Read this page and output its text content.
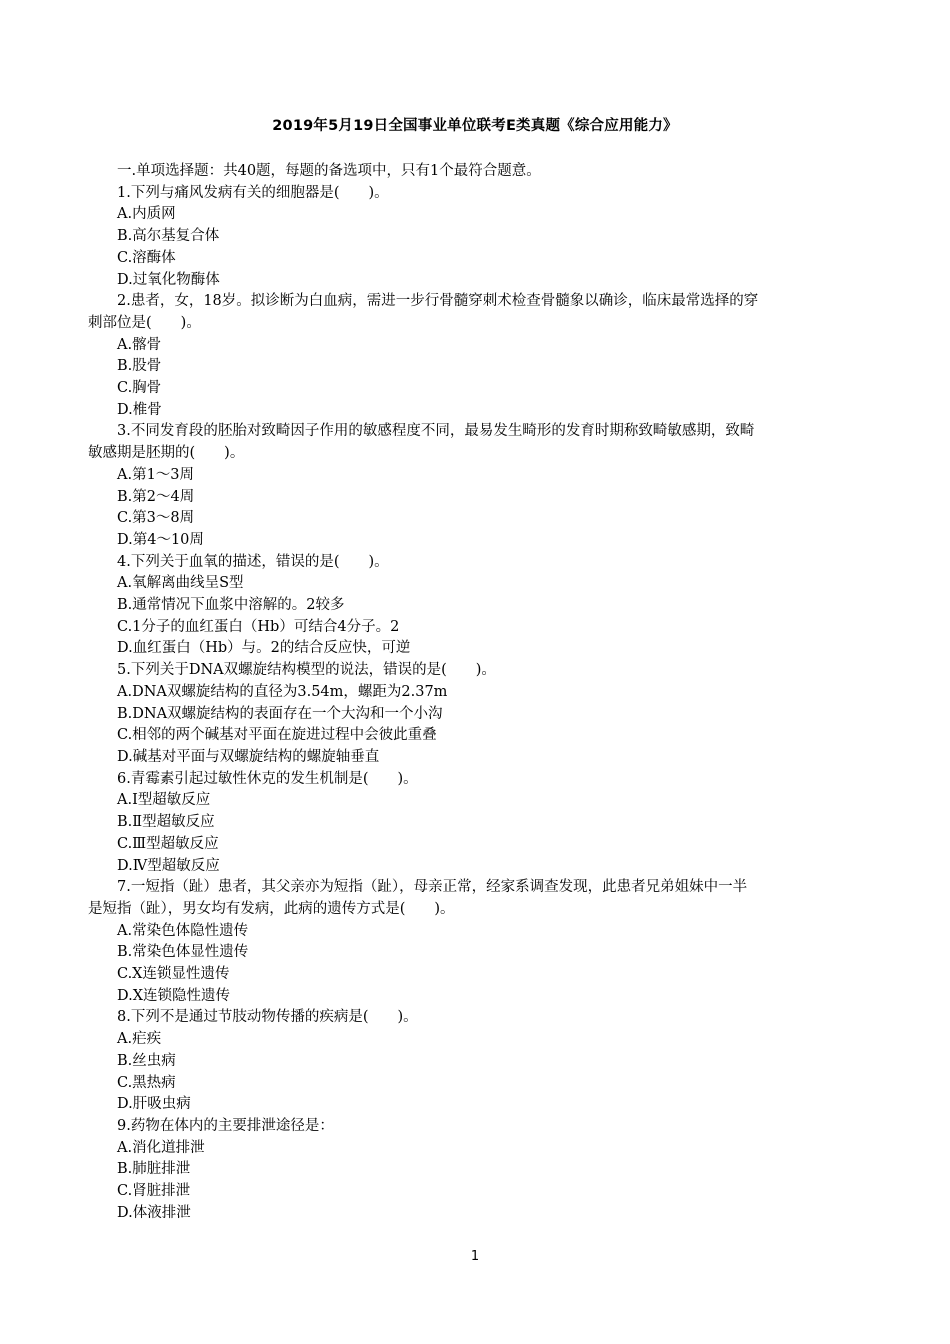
2019年5月19日全国事业单位联考E类真题《综合应用能力》
一.单项选择题：共40题，每题的备选项中，只有1个最符合题意。
1.下列与痛风发病有关的细胞器是(　　)。
A.内质网
B.高尔基复合体
C.溶酶体
D.过氧化物酶体
2.患者，女，18岁。拟诊断为白血病，需进一步行骨髓穿刺术检查骨髓象以确诊，临床最常选择的穿
刺部位是(　　)。
A.髂骨
B.股骨
C.胸骨
D.椎骨
3.不同发育段的胚胎对致畸因子作用的敏感程度不同，最易发生畸形的发育时期称致畸敏感期，致畸
敏感期是胚期的(　　)。
A.第1～3周
B.第2～4周
C.第3～8周
D.第4～10周
4.下列关于血氧的描述，错误的是(　　)。
A.氧解离曲线呈S型
B.通常情况下血浆中溶解的。2较多
C.1分子的血红蛋白（Hb）可结合4分子。2
D.血红蛋白（Hb）与。2的结合反应快，可逆
5.下列关于DNA双螺旋结构模型的说法，错误的是(　　)。
A.DNA双螺旋结构的直径为3.54m，螺距为2.37m
B.DNA双螺旋结构的表面存在一个大沟和一个小沟
C.相邻的两个碱基对平面在旋进过程中会彼此重叠
D.碱基对平面与双螺旋结构的螺旋轴垂直
6.青霉素引起过敏性休克的发生机制是(　　)。
A.I型超敏反应
B.Ⅱ型超敏反应
C.Ⅲ型超敏反应
D.Ⅳ型超敏反应
7.一短指（趾）患者，其父亲亦为短指（趾），母亲正常，经家系调查发现，此患者兄弟姐妹中一半
是短指（趾），男女均有发病，此病的遗传方式是(　　)。
A.常染色体隐性遗传
B.常染色体显性遗传
C.X连锁显性遗传
D.X连锁隐性遗传
8.下列不是通过节肢动物传播的疾病是(　　)。
A.疟疾
B.丝虫病
C.黑热病
D.肝吸虫病
9.药物在体内的主要排泄途径是：
A.消化道排泄
B.肺脏排泄
C.肾脏排泄
D.体液排泄
1
